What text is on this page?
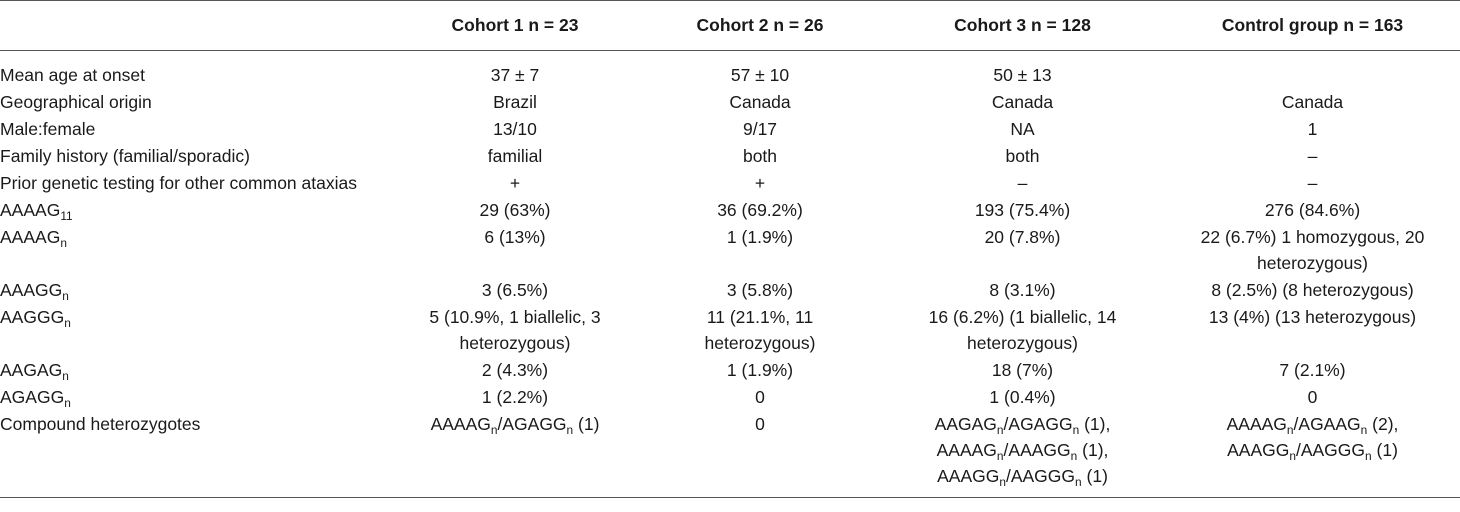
	Cohort 1 n = 23	Cohort 2 n = 26	Cohort 3 n = 128	Control group n = 163
Mean age at onset	37 ± 7	57 ± 10	50 ± 13	
Geographical origin	Brazil	Canada	Canada	Canada
Male:female	13/10	9/17	NA	1
Family history (familial/sporadic)	familial	both	both	–
Prior genetic testing for other common ataxias	+	+	–	–
$AAAAG_{11}$	29 (63%)	36 (69.2%)	193 (75.4%)	276 (84.6%)
$AAAAG_n$	6 (13%)	1 (1.9%)	20 (7.8%)	22 (6.7%) 1 homozygous, 20 heterozygous)
$AAAGG_n$	3 (6.5%)	3 (5.8%)	8 (3.1%)	8 (2.5%) (8 heterozygous)
$AAGGG_n$	5 (10.9%, 1 biallelic, 3 heterozygous)	11 (21.1%, 11 heterozygous)	16 (6.2%) (1 biallelic, 14 heterozygous)	13 (4%) (13 heterozygous)
$AAGAG_n$	2 (4.3%)	1 (1.9%)	18 (7%)	7 (2.1%)
$AGAGG_n$	1 (2.2%)	0	1 (0.4%)	0
Compound heterozygotes	$AAAAG_n/AGAGG_n$ (1)	0	$AAGAG_n/AGAGG_n$ (1),
$AAAAG_n/AAAGG_n$ (1),
$AAAGG_n/AAGGG_n$ (1)	$AAAAG_n/AGAAG_n$ (2),
$AAAGG_n/AAGGG_n$ (1)
